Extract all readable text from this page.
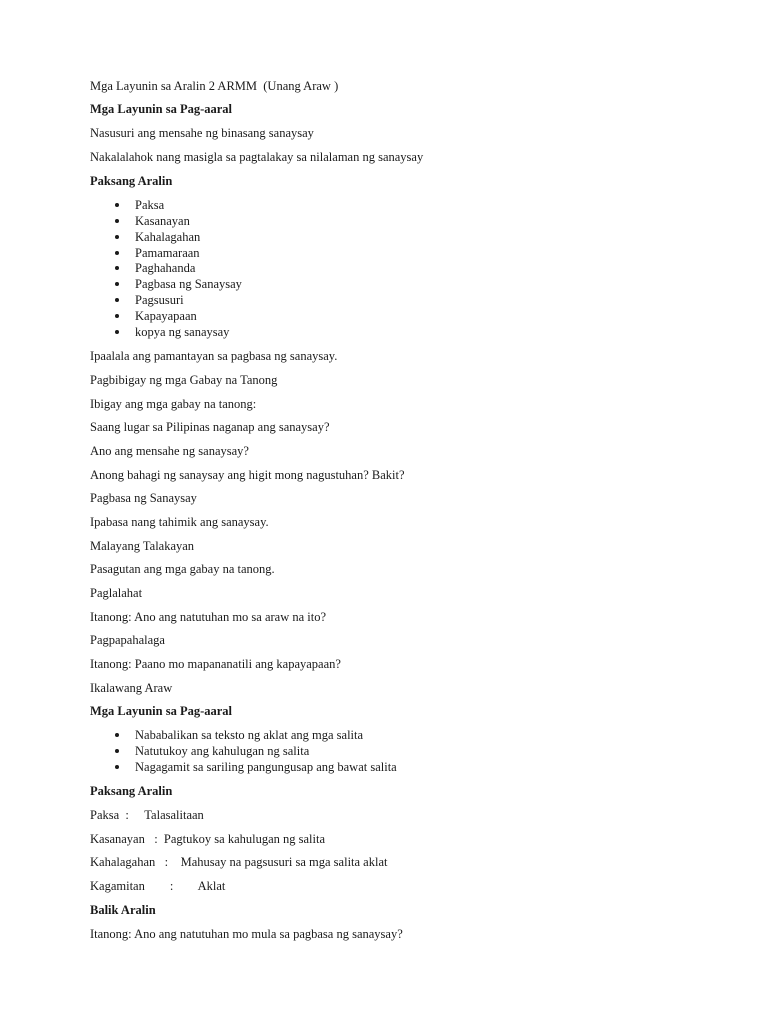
Mga Layunin sa Aralin 2 ARMM  (Unang Araw )
Mga Layunin sa Pag-aaral
Nasusuri ang mensahe ng binasang sanaysay
Nakalalahok nang masigla sa pagtalakay sa nilalaman ng sanaysay
Paksang Aralin
Paksa
Kasanayan
Kahalagahan
Pamamaraan
Paghahanda
Pagbasa ng Sanaysay
Pagsusuri
Kapayapaan
kopya ng sanaysay
Ipaalala ang pamantayan sa pagbasa ng sanaysay.
Pagbibigay ng mga Gabay na Tanong
Ibigay ang mga gabay na tanong:
Saang lugar sa Pilipinas naganap ang sanaysay?
Ano ang mensahe ng sanaysay?
Anong bahagi ng sanaysay ang higit mong nagustuhan? Bakit?
Pagbasa ng Sanaysay
Ipabasa nang tahimik ang sanaysay.
Malayang Talakayan
Pasagutan ang mga gabay na tanong.
Paglalahat
Itanong: Ano ang natutuhan mo sa araw na ito?
Pagpapahalaga
Itanong: Paano mo mapananatili ang kapayapaan?
Ikalawang Araw
Mga Layunin sa Pag-aaral
Nababalikan sa teksto ng aklat ang mga salita
Natutukoy ang kahulugan ng salita
Nagagamit sa sariling pangungusap ang bawat salita
Paksang Aralin
Paksa  :     Talasalitaan
Kasanayan   :  Pagtukoy sa kahulugan ng salita
Kahalagahan   :    Mahusay na pagsusuri sa mga salita aklat
Kagamitan        :        Aklat
Balik Aralin
Itanong: Ano ang natutuhan mo mula sa pagbasa ng sanaysay?
